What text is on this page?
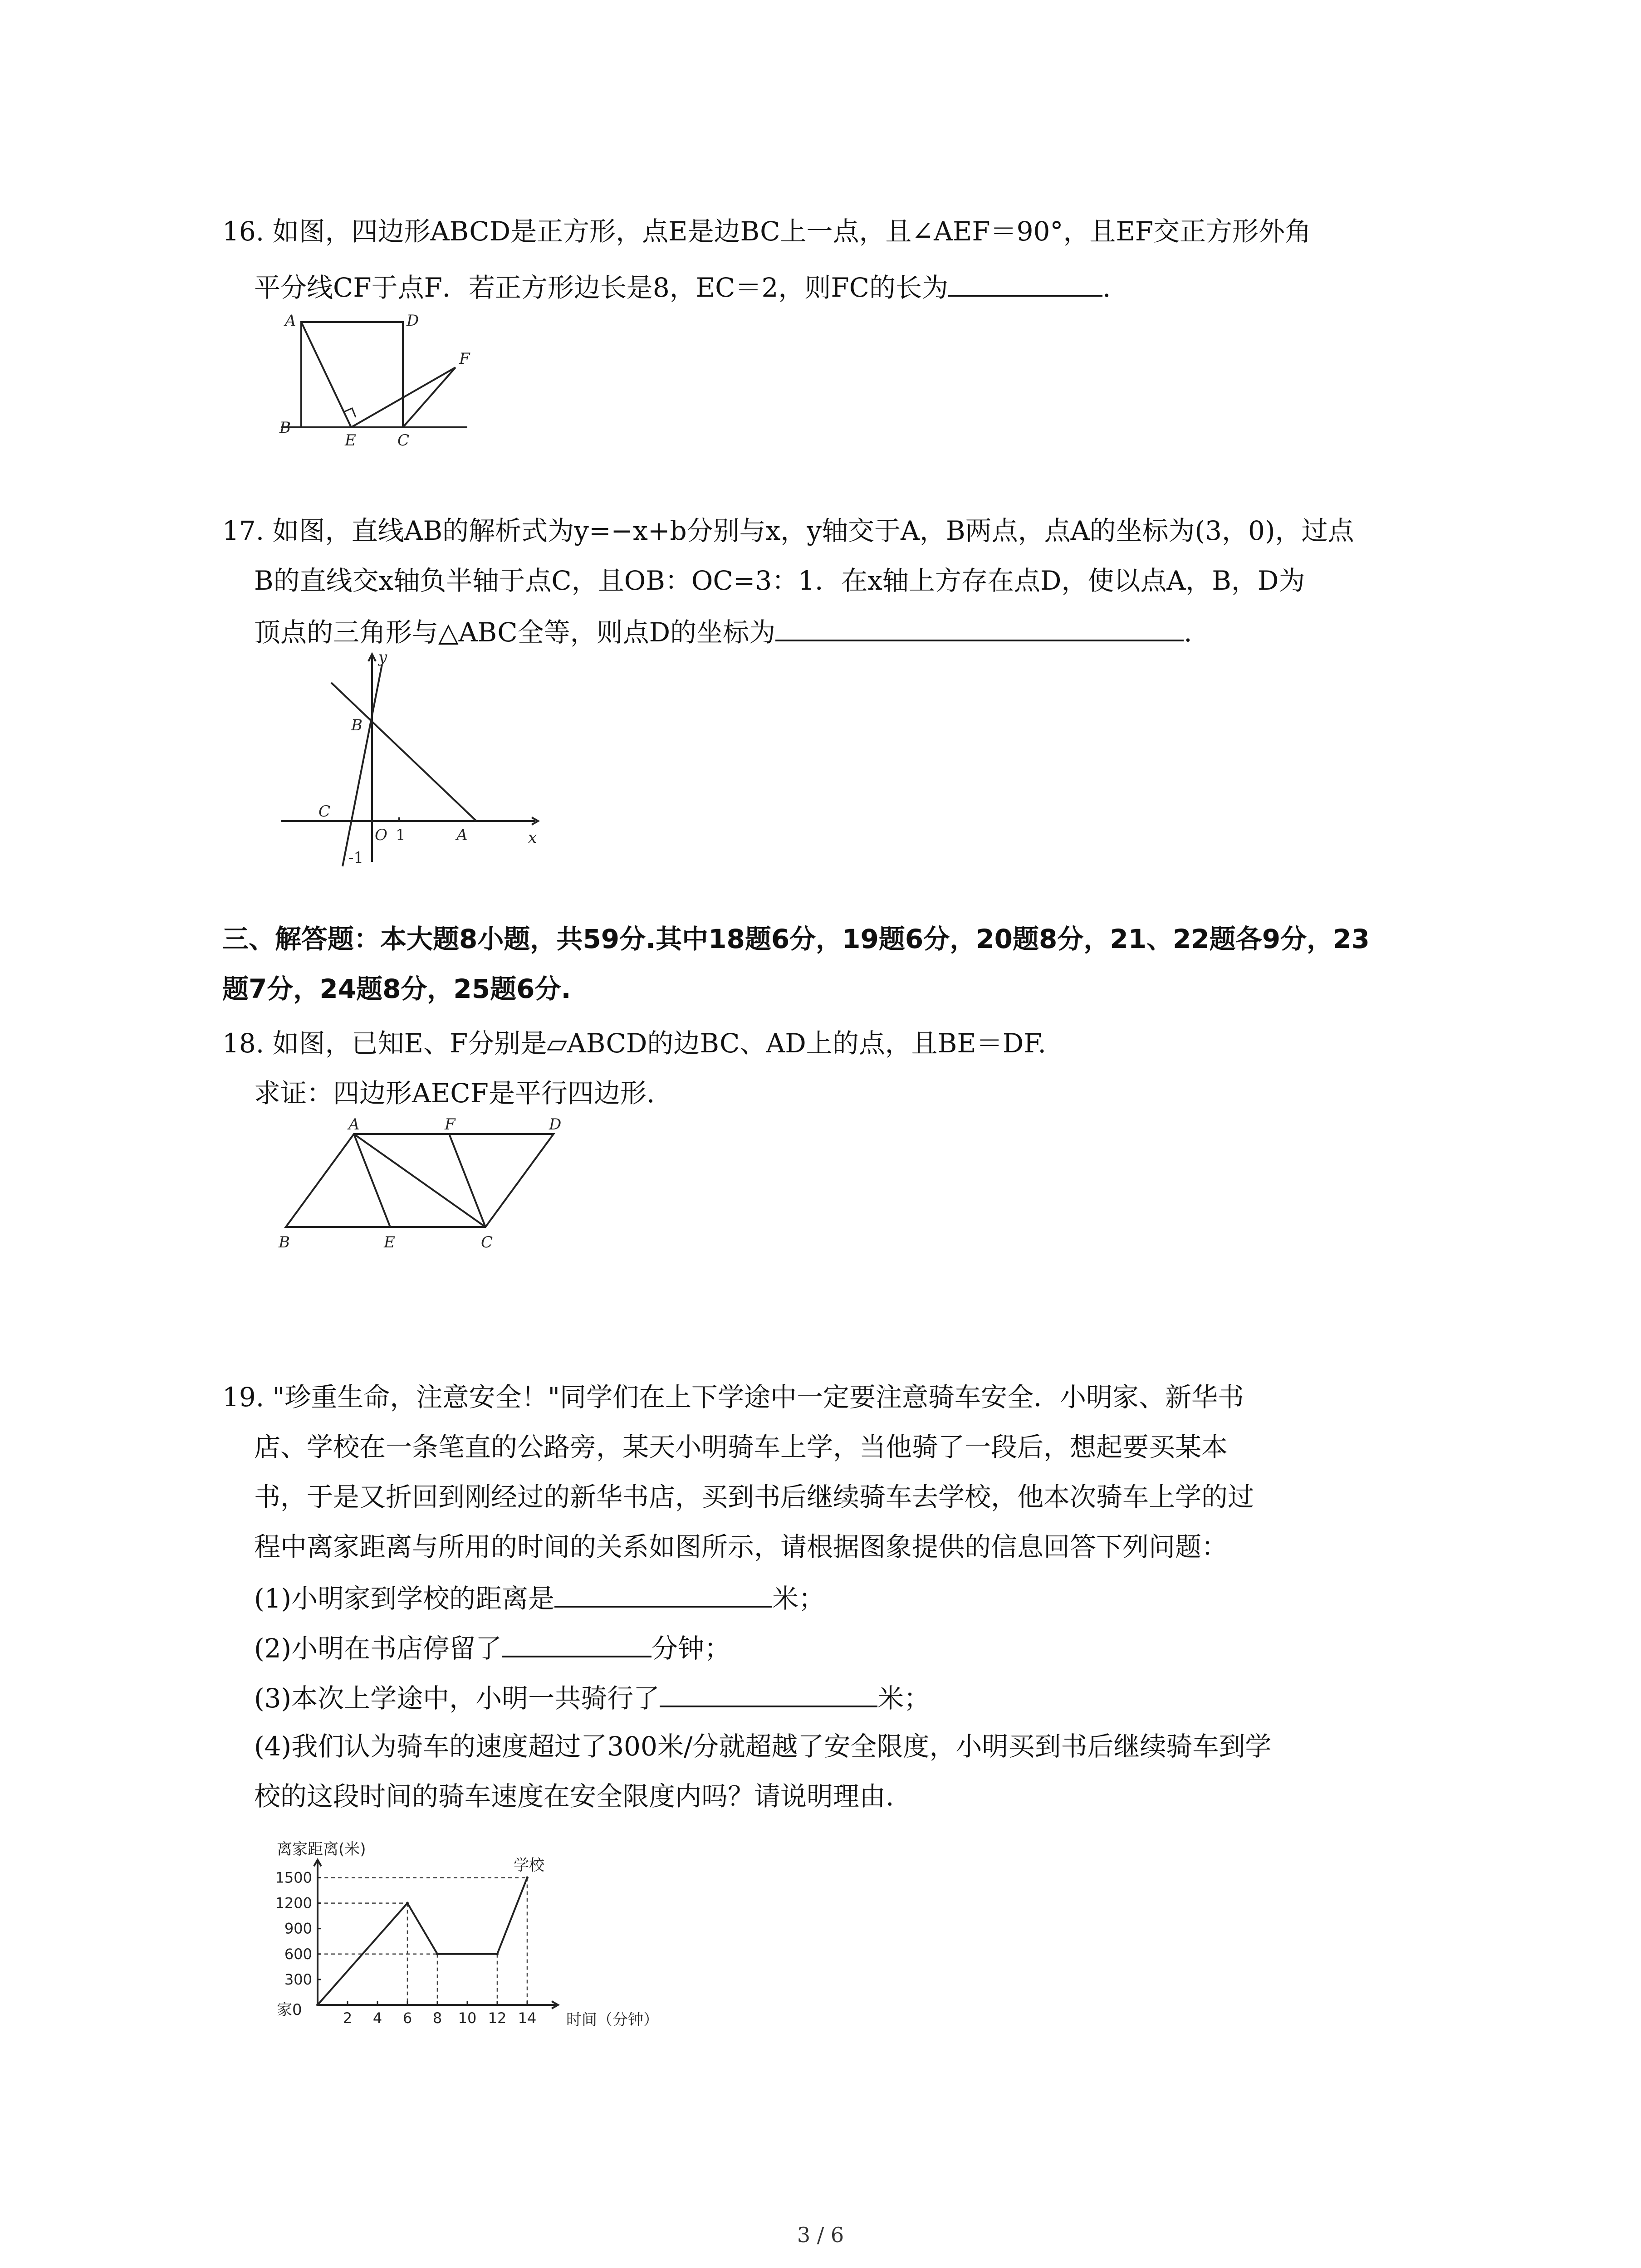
16. 如图，四边形ABCD是正方形，点E是边BC上一点，且∠AEF＝90°，且EF交正方形外角
平分线CF于点F．若正方形边长是8，EC＝2，则FC的长为	.
A	D
F
B
E	C
17. 如图，直线AB的解析式为y=−x+b分别与x，y轴交于A，B两点，点A的坐标为(3，0)，过点
B的直线交x轴负半轴于点C，且OB：OC=3：1．在x轴上方存在点D，使以点A，B，D为
顶点的三角形与△ABC全等，则点D的坐标为	.
y
B
C
O 1	A	x
-1
三、解答题：本大题8小题，共59分.其中18题6分，19题6分，20题8分，21、22题各9分，23
题7分，24题8分，25题6分.
18. 如图，已知E、F分别是▱ABCD的边BC、AD上的点，且BE＝DF.
求证：四边形AECF是平行四边形.
A	F	D
B	E	C
19. "珍重生命，注意安全！"同学们在上下学途中一定要注意骑车安全．小明家、新华书
店、学校在一条笔直的公路旁，某天小明骑车上学，当他骑了一段后，想起要买某本
书，于是又折回到刚经过的新华书店，买到书后继续骑车去学校，他本次骑车上学的过
程中离家距离与所用的时间的关系如图所示，请根据图象提供的信息回答下列问题：
(1)小明家到学校的距离是	米；
(2)小明在书店停留了	分钟；
(3)本次上学途中，小明一共骑行了	米；
(4)我们认为骑车的速度超过了300米/分就超越了安全限度，小明买到书后继续骑车到学
校的这段时间的骑车速度在安全限度内吗？请说明理由.
2 4 6 8 10 12 14
300
600
900
1200
1500
离家距离(米)
时间（分钟）
家0
学校
3 / 6
